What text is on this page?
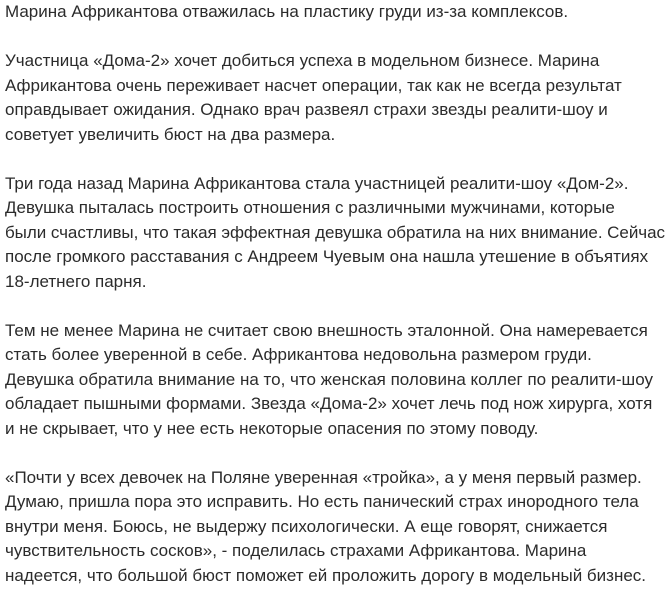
Марина Африкантова отважилась на пластику груди из-за комплексов.

Участница «Дома-2» хочет добиться успеха в модельном бизнесе. Марина
Африкантова очень переживает насчет операции, так как не всегда результат
оправдывает ожидания. Однако врач развеял страхи звезды реалити-шоу и
советует увеличить бюст на два размера.

Три года назад Марина Африкантова стала участницей реалити-шоу «Дом-2».
Девушка пыталась построить отношения с различными мужчинами, которые
были счастливы, что такая эффектная девушка обратила на них внимание. Сейчас
после громкого расставания с Андреем Чуевым она нашла утешение в объятиях
18-летнего парня.

Тем не менее Марина не считает свою внешность эталонной. Она намеревается
стать более уверенной в себе. Африкантова недовольна размером груди.
Девушка обратила внимание на то, что женская половина коллег по реалити-шоу
обладает пышными формами. Звезда «Дома-2» хочет лечь под нож хирурга, хотя
и не скрывает, что у нее есть некоторые опасения по этому поводу.

«Почти у всех девочек на Поляне уверенная «тройка», а у меня первый размер.
Думаю, пришла пора это исправить. Но есть панический страх инородного тела
внутри меня. Боюсь, не выдержу психологически. А еще говорят, снижается
чувствительность сосков», - поделилась страхами Африкантова. Марина
надеется, что большой бюст поможет ей проложить дорогу в модельный бизнес.
